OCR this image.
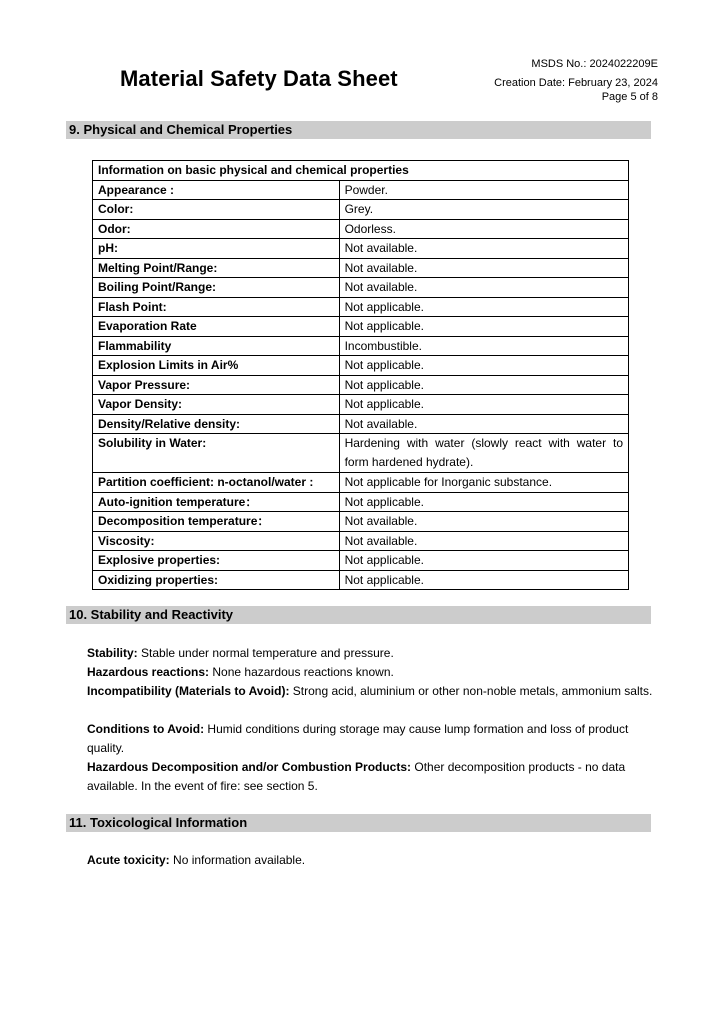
Material Safety Data Sheet
MSDS No.: 2024022209E
Creation Date: February 23, 2024
Page 5 of 8
9. Physical and Chemical Properties
Information on basic physical and chemical properties	
Appearance :	Powder.
Color:	Grey.
Odor:	Odorless.
pH:	Not available.
Melting Point/Range:	Not available.
Boiling Point/Range:	Not available.
Flash Point:	Not applicable.
Evaporation Rate	Not applicable.
Flammability	Incombustible.
Explosion Limits in Air%	Not applicable.
Vapor Pressure:	Not applicable.
Vapor Density:	Not applicable.
Density/Relative density:	Not available.
Solubility in Water:	Hardening with water (slowly react with water to form hardened hydrate).
Partition coefficient: n-octanol/water :	Not applicable for Inorganic substance.
Auto-ignition temperature：	Not applicable.
Decomposition temperature：	Not available.
Viscosity:	Not available.
Explosive properties:	Not applicable.
Oxidizing properties:	Not applicable.
10. Stability and Reactivity
Stability: Stable under normal temperature and pressure.
Hazardous reactions: None hazardous reactions known.
Incompatibility (Materials to Avoid): Strong acid, aluminium or other non-noble metals, ammonium salts.
Conditions to Avoid: Humid conditions during storage may cause lump formation and loss of product quality.
Hazardous Decomposition and/or Combustion Products: Other decomposition products - no data available. In the event of fire: see section 5.
11. Toxicological Information
Acute toxicity: No information available.
